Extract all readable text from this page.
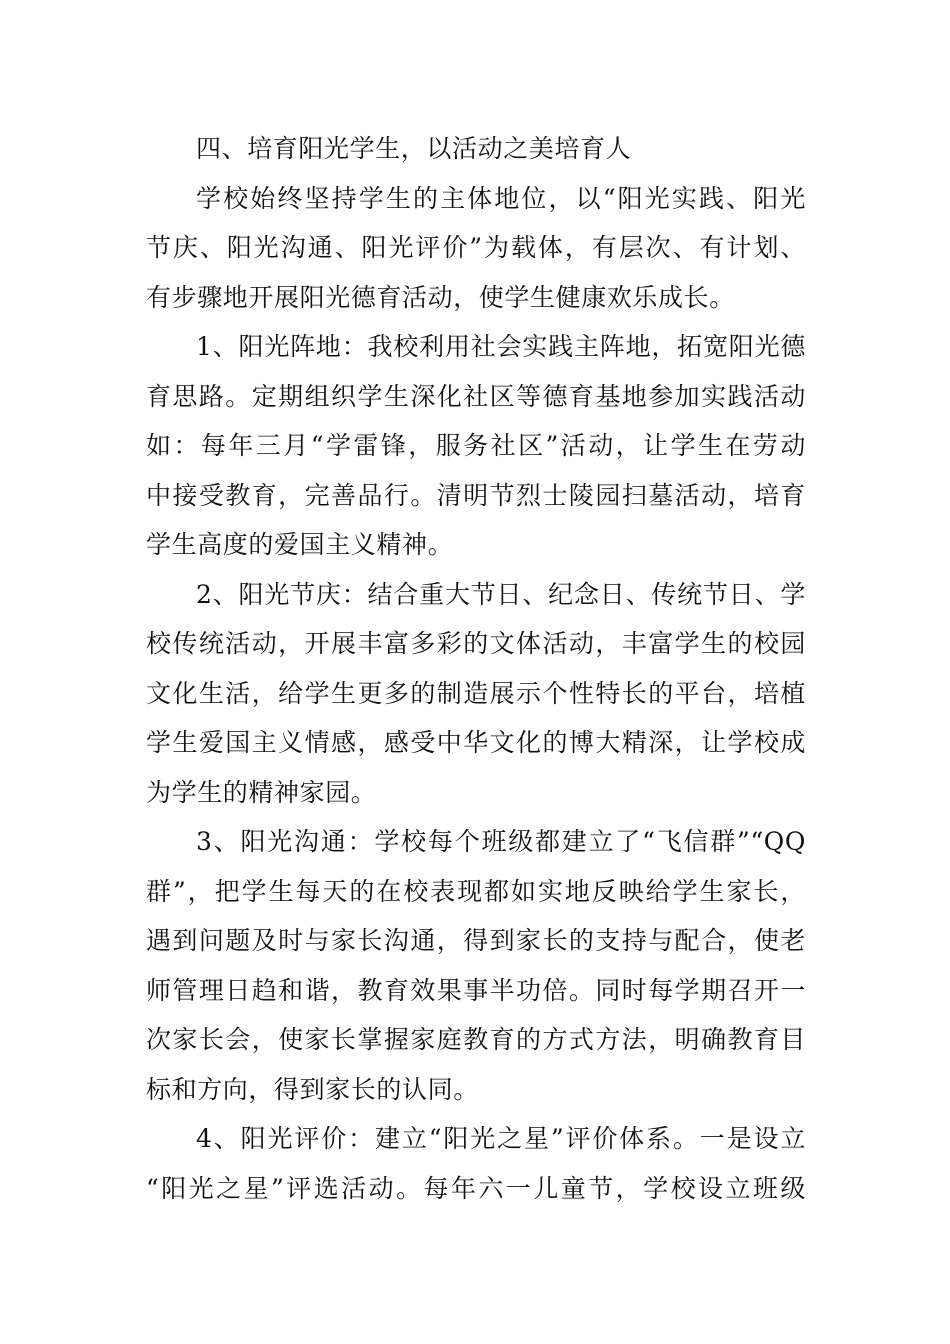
四、培育阳光学生，以活动之美培育人
学校始终坚持学生的主体地位，以“阳光实践、阳光
节庆、阳光沟通、阳光评价”为载体，有层次、有计划、
有步骤地开展阳光德育活动，使学生健康欢乐成长。
1、阳光阵地：我校利用社会实践主阵地，拓宽阳光德
育思路。定期组织学生深化社区等德育基地参加实践活动
如：每年三月“学雷锋，服务社区”活动，让学生在劳动
中接受教育，完善品行。清明节烈士陵园扫墓活动，培育
学生高度的爱国主义精神。
2、阳光节庆：结合重大节日、纪念日、传统节日、学
校传统活动，开展丰富多彩的文体活动，丰富学生的校园
文化生活，给学生更多的制造展示个性特长的平台，培植
学生爱国主义情感，感受中华文化的博大精深，让学校成
为学生的精神家园。
3、阳光沟通：学校每个班级都建立了“飞信群”“QQ
群”，把学生每天的在校表现都如实地反映给学生家长，
遇到问题及时与家长沟通，得到家长的支持与配合，使老
师管理日趋和谐，教育效果事半功倍。同时每学期召开一
次家长会，使家长掌握家庭教育的方式方法，明确教育目
标和方向，得到家长的认同。
4、阳光评价：建立“阳光之星”评价体系。一是设立
“阳光之星”评选活动。每年六一儿童节，学校设立班级
